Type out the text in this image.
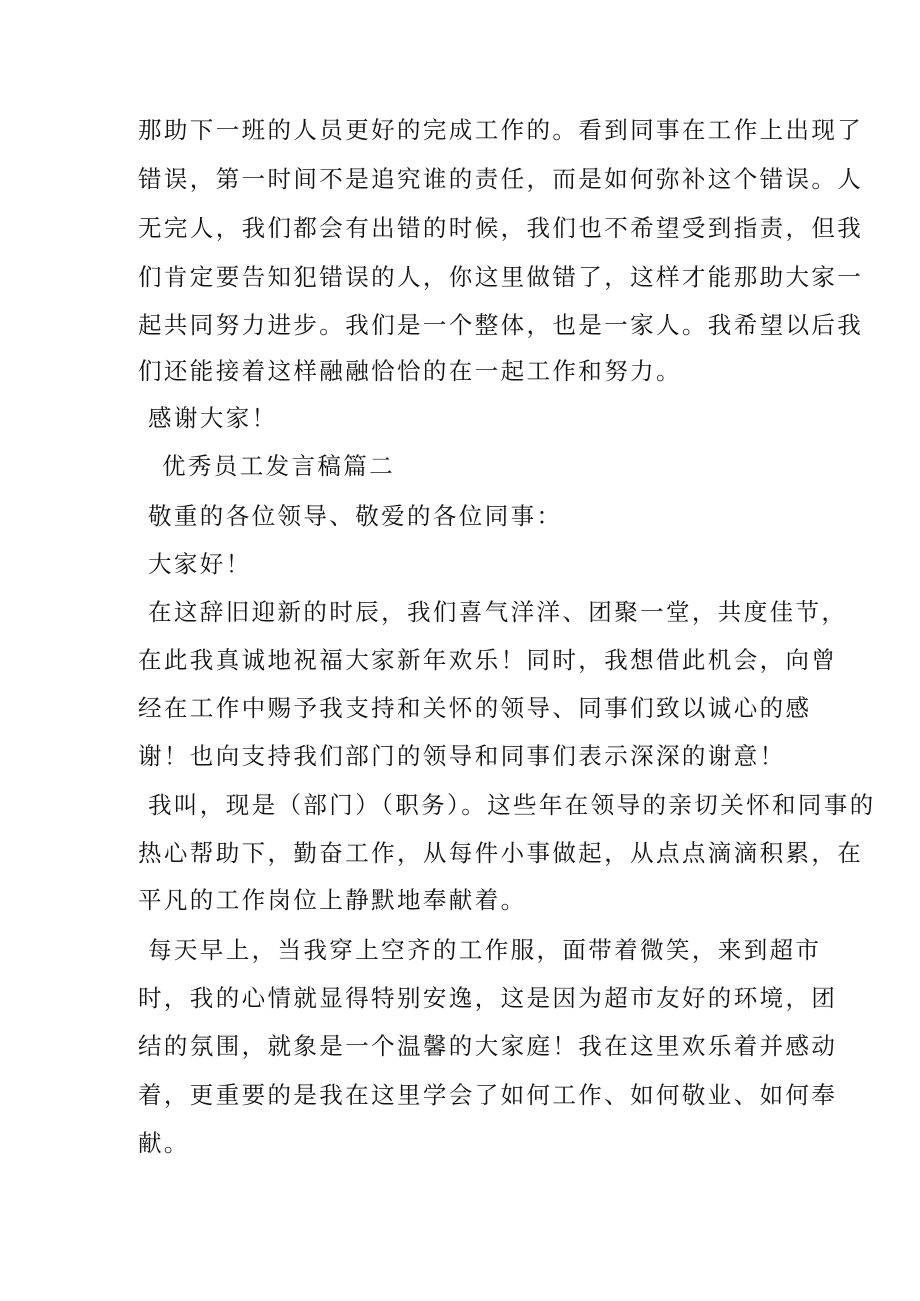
那助下一班的人员更好的完成工作的。看到同事在工作上出现了
错误，第一时间不是追究谁的责任，而是如何弥补这个错误。人
无完人，我们都会有出错的时候，我们也不希望受到指责，但我
们肯定要告知犯错误的人，你这里做错了，这样才能那助大家一
起共同努力进步。我们是一个整体，也是一家人。我希望以后我
们还能接着这样融融恰恰的在一起工作和努力。
感谢大家！
优秀员工发言稿篇二
敬重的各位领导、敬爱的各位同事：
大家好！
在这辞旧迎新的时辰，我们喜气洋洋、团聚一堂，共度佳节，
在此我真诚地祝福大家新年欢乐！同时，我想借此机会，向曾
经在工作中赐予我支持和关怀的领导、同事们致以诚心的感
谢！也向支持我们部门的领导和同事们表示深深的谢意！
我叫，现是（部门）（职务）。这些年在领导的亲切关怀和同事的
热心帮助下，勤奋工作，从每件小事做起，从点点滴滴积累，在
平凡的工作岗位上静默地奉献着。
每天早上，当我穿上空齐的工作服，面带着微笑，来到超市
时，我的心情就显得特别安逸，这是因为超市友好的环境，团
结的氛围，就象是一个温馨的大家庭！我在这里欢乐着并感动
着，更重要的是我在这里学会了如何工作、如何敬业、如何奉
献。
